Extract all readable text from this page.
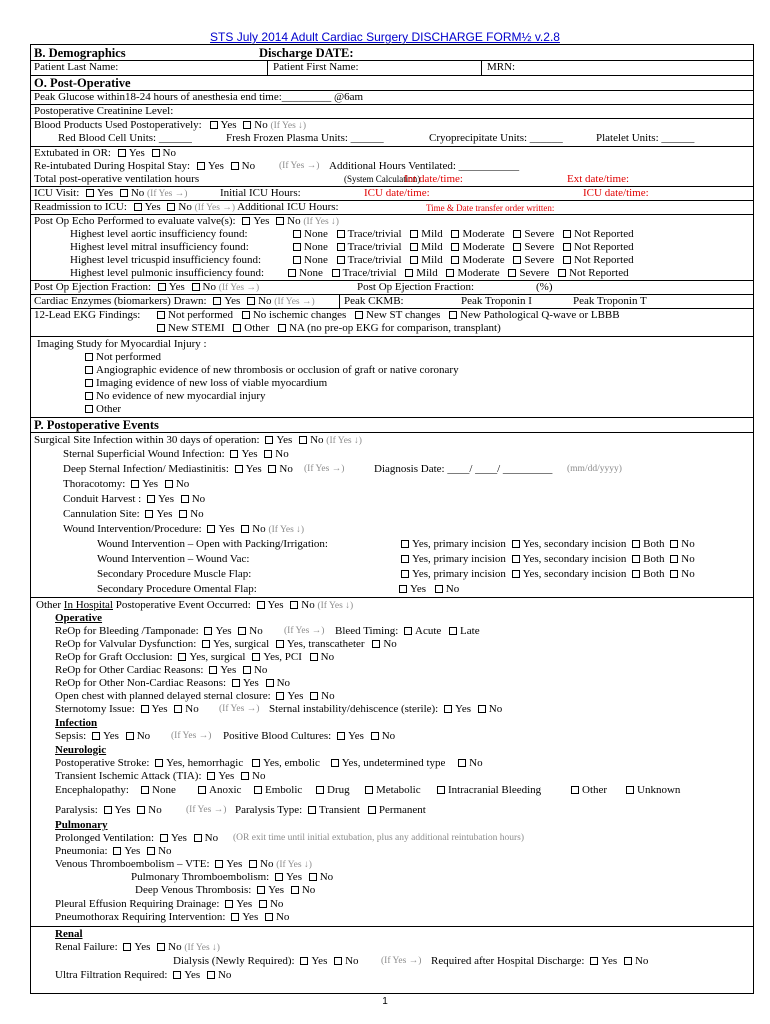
STS July 2014 Adult Cardiac Surgery DISCHARGE FORM½ v.2.8
B. Demographics	Discharge DATE:
Patient Last Name:	Patient First Name:	MRN:
O. Post-Operative
Peak Glucose within18-24 hours of anesthesia end time:_________ @6am
Postoperative Creatinine Level:
Blood Products Used Postoperatively: Yes No (If Yes ↓)
Red Blood Cell Units: ______	Fresh Frozen Plasma Units: ______	Cryoprecipitate Units: ______	Platelet Units: ______
Extubated in OR: Yes No
Re-intubated During Hospital Stay: Yes No	(If Yes →) Additional Hours Ventilated: ___________
Total post-operative ventilation hours	(System Calculation)
Int date/time:	Ext date/time:
ICU Visit: Yes No (If Yes →)	Initial ICU Hours:	ICU date/time:	ICU date/time:
Readmission to ICU: Yes No (If Yes →) Additional ICU Hours:	Time & Date transfer order written:
Post Op Echo Performed to evaluate valve(s): Yes No (If Yes ↓)
Highest level aortic insufficiency found:	None Trace/trivial Mild Moderate Severe Not Reported
Highest level mitral insufficiency found:	None Trace/trivial Mild Moderate Severe Not Reported
Highest level tricuspid insufficiency found:	None Trace/trivial Mild Moderate Severe Not Reported
Highest level pulmonic insufficiency found:	None Trace/trivial Mild Moderate Severe Not Reported
Post Op Ejection Fraction: Yes No (If Yes →)	Post Op Ejection Fraction:	(%)
Cardiac Enzymes (biomarkers) Drawn: Yes No (If Yes →)	Peak CKMB:	Peak Troponin I	Peak Troponin T
12-Lead EKG Findings:	Not performed No ischemic changes New ST changes New Pathological Q-wave or LBBB
New STEMI Other NA (no pre-op EKG for comparison, transplant)
Imaging Study for Myocardial Injury :
Not performed
Angiographic evidence of new thrombosis or occlusion of graft or native coronary
Imaging evidence of new loss of viable myocardium
No evidence of new myocardial injury
Other
P. Postoperative Events
Surgical Site Infection within 30 days of operation: Yes No (If Yes ↓)
Sternal Superficial Wound Infection: Yes No
Deep Sternal Infection/ Mediastinitis: Yes No (If Yes →)	Diagnosis Date: ____/ ____/ _________ (mm/dd/yyyy)
Thoracotomy: Yes No
Conduit Harvest : Yes No
Cannulation Site: Yes No
Wound Intervention/Procedure: Yes No (If Yes ↓)
Wound Intervention – Open with Packing/Irrigation:	Yes, primary incision Yes, secondary incision Both No
Wound Intervention – Wound Vac:	Yes, primary incision Yes, secondary incision Both No
Secondary Procedure Muscle Flap:	Yes, primary incision Yes, secondary incision Both No
Secondary Procedure Omental Flap:	Yes No
Other In Hospital Postoperative Event Occurred: Yes No (If Yes ↓)
Operative
ReOp for Bleeding /Tamponade: Yes No (If Yes →) Bleed Timing: Acute Late
ReOp for Valvular Dysfunction: Yes, surgical Yes, transcatheter No
ReOp for Graft Occlusion: Yes, surgical Yes, PCI No
ReOp for Other Cardiac Reasons: Yes No
ReOp for Other Non-Cardiac Reasons: Yes No
Open chest with planned delayed sternal closure: Yes No
Sternotomy Issue: Yes No (If Yes →) Sternal instability/dehiscence (sterile): Yes No
Infection
Sepsis: Yes No (If Yes →) Positive Blood Cultures: Yes No
Neurologic
Postoperative Stroke: Yes, hemorrhagic Yes, embolic Yes, undetermined type No
Transient Ischemic Attack (TIA): Yes No
Encephalopathy:	None	Anoxic	Embolic	Drug	Metabolic	Intracranial Bleeding	Other	Unknown
Paralysis: Yes No	(If Yes →) Paralysis Type: Transient Permanent
Pulmonary
Prolonged Ventilation: Yes No (OR exit time until initial extubation, plus any additional reintubation hours)
Pneumonia: Yes No
Venous Thromboembolism – VTE: Yes No (If Yes ↓)
Pulmonary Thromboembolism: Yes No
Deep Venous Thrombosis: Yes No
Pleural Effusion Requiring Drainage: Yes No
Pneumothorax Requiring Intervention: Yes No
Renal
Renal Failure: Yes No (If Yes ↓)
Dialysis (Newly Required): Yes No (If Yes →) Required after Hospital Discharge: Yes No
Ultra Filtration Required: Yes No
1
